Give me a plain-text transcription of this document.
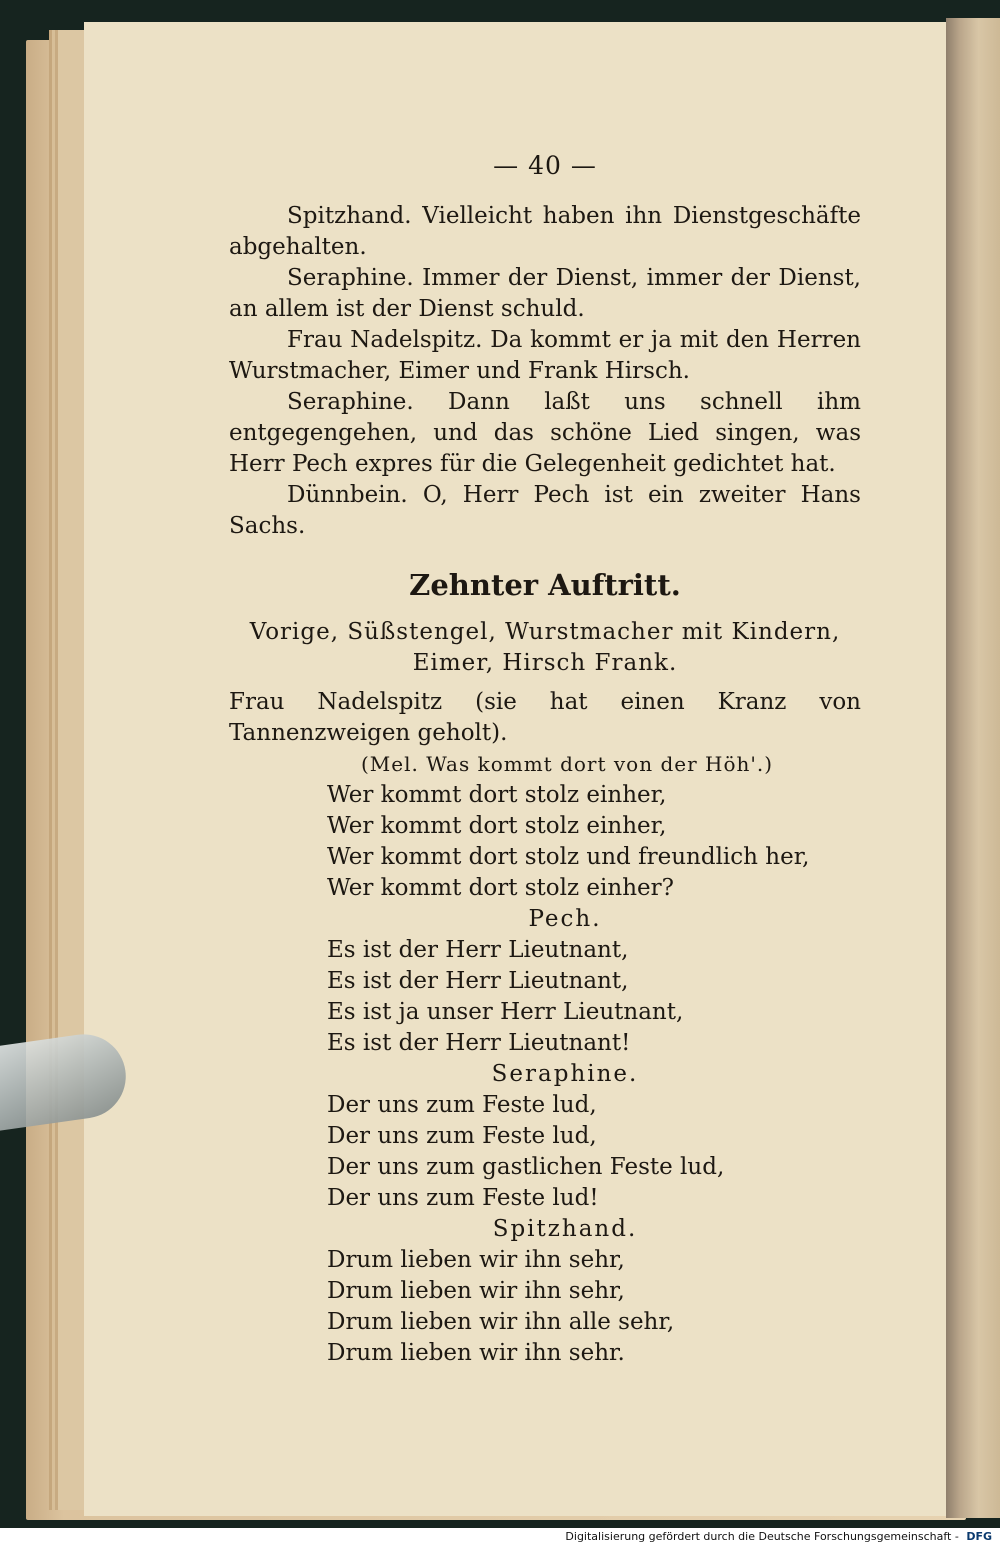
— 40 —

Spitzhand. Vielleicht haben ihn Dienstgeschäfte abgehalten.

Seraphine. Immer der Dienst, immer der Dienst, an allem ist der Dienst schuld.

Frau Nadelspitz. Da kommt er ja mit den Herren Wurstmacher, Eimer und Frank Hirsch.

Seraphine. Dann laßt uns schnell ihm entgegengehen, und das schöne Lied singen, was Herr Pech expres für die Gelegenheit gedichtet hat.

Dünnbein. O, Herr Pech ist ein zweiter Hans Sachs.

Zehnter Auftritt.
Vorige, Süßstengel, Wurstmacher mit Kindern, Eimer, Hirsch Frank.

Frau Nadelspitz (sie hat einen Kranz von Tannenzweigen geholt).

(Mel. Was kommt dort von der Höh'.)
Wer kommt dort stolz einher,
Wer kommt dort stolz einher,
Wer kommt dort stolz und freundlich her,
Wer kommt dort stolz einher?
Pech.
Es ist der Herr Lieutnant,
Es ist der Herr Lieutnant,
Es ist ja unser Herr Lieutnant,
Es ist der Herr Lieutnant!
Seraphine.
Der uns zum Feste lud,
Der uns zum Feste lud,
Der uns zum gastlichen Feste lud,
Der uns zum Feste lud!
Spitzhand.
Drum lieben wir ihn sehr,
Drum lieben wir ihn sehr,
Drum lieben wir ihn alle sehr,
Drum lieben wir ihn sehr.
Digitalisierung gefördert durch die Deutsche Forschungsgemeinschaft - DFG
